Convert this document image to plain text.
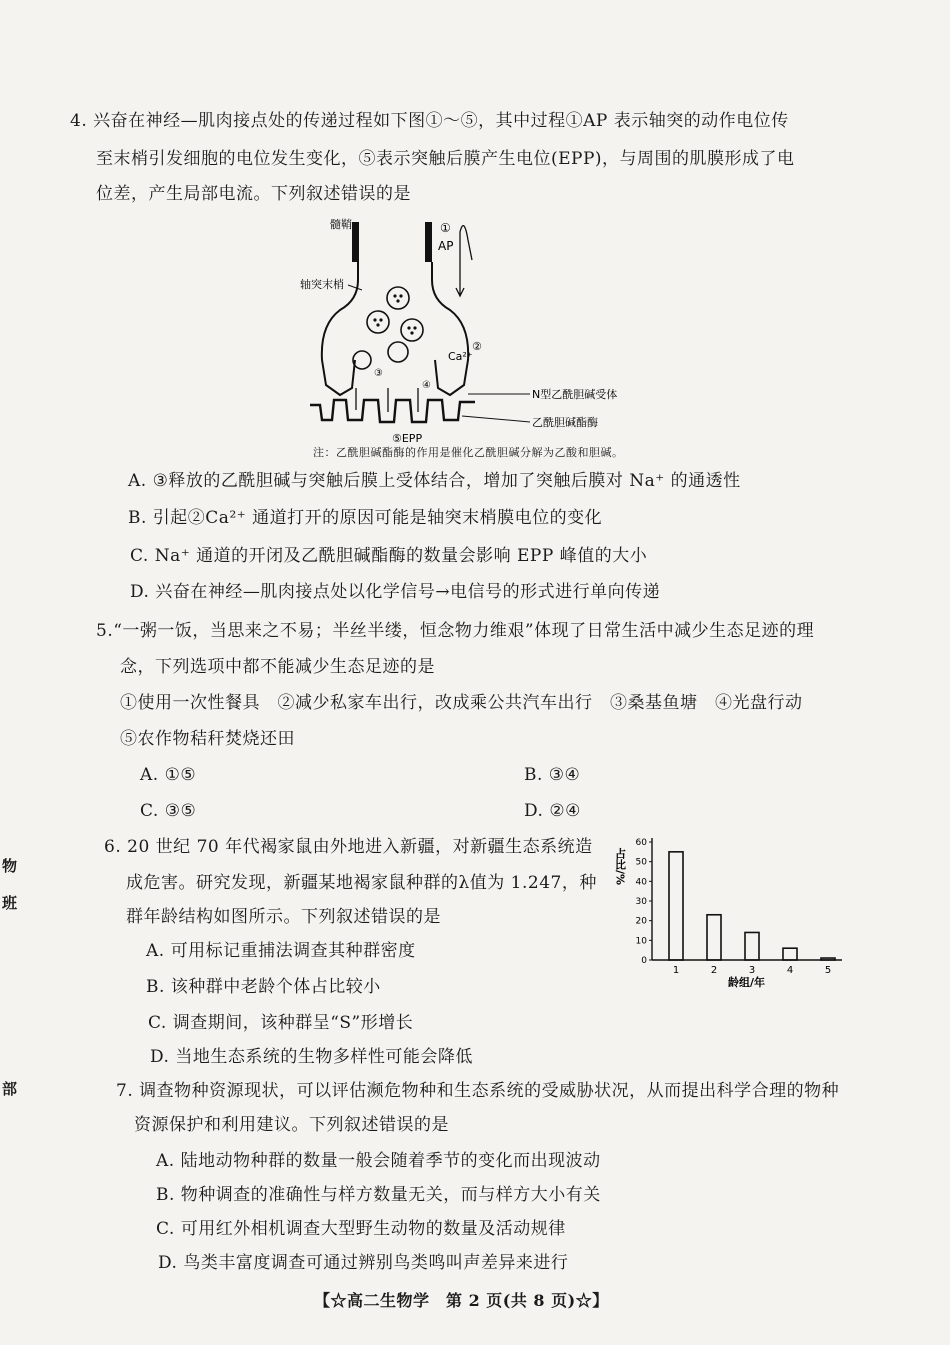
4. 兴奋在神经—肌肉接点处的传递过程如下图①～⑤，其中过程①AP 表示轴突的动作电位传
至末梢引发细胞的电位发生变化，⑤表示突触后膜产生电位(EPP)，与周围的肌膜形成了电
位差，产生局部电流。下列叙述错误的是
髓鞘	①
AP
轴突末梢
Ca²⁺
②
③
④
N型乙酰胆碱受体
乙酰胆碱酯酶
⑤EPP
注：乙酰胆碱酯酶的作用是催化乙酰胆碱分解为乙酸和胆碱。
A. ③释放的乙酰胆碱与突触后膜上受体结合，增加了突触后膜对 Na⁺ 的通透性
B. 引起②Ca²⁺ 通道打开的原因可能是轴突末梢膜电位的变化
C. Na⁺ 通道的开闭及乙酰胆碱酯酶的数量会影响 EPP 峰值的大小
D. 兴奋在神经—肌肉接点处以化学信号→电信号的形式进行单向传递
5.“一粥一饭，当思来之不易；半丝半缕，恒念物力维艰”体现了日常生活中减少生态足迹的理
念，下列选项中都不能减少生态足迹的是
①使用一次性餐具　②减少私家车出行，改成乘公共汽车出行　③桑基鱼塘　④光盘行动
⑤农作物秸秆焚烧还田
A. ①⑤	B. ③④
C. ③⑤	D. ②④
6. 20 世纪 70 年代褐家鼠由外地进入新疆，对新疆生态系统造
成危害。研究发现，新疆某地褐家鼠种群的λ值为 1.247，种
群年龄结构如图所示。下列叙述错误的是
A. 可用标记重捕法调查其种群密度
B. 该种群中老龄个体占比较小
C. 调查期间，该种群呈“S”形增长
D. 当地生态系统的生物多样性可能会降低
0
10
20
30
40
50
60
1	2	3	4	5
占比/%
龄组/年
7. 调查物种资源现状，可以评估濒危物种和生态系统的受威胁状况，从而提出科学合理的物种
资源保护和利用建议。下列叙述错误的是
A. 陆地动物种群的数量一般会随着季节的变化而出现波动
B. 物种调查的准确性与样方数量无关，而与样方大小有关
C. 可用红外相机调查大型野生动物的数量及活动规律
D. 鸟类丰富度调查可通过辨别鸟类鸣叫声差异来进行
【☆高二生物学　第 2 页(共 8 页)☆】
物
班
部
